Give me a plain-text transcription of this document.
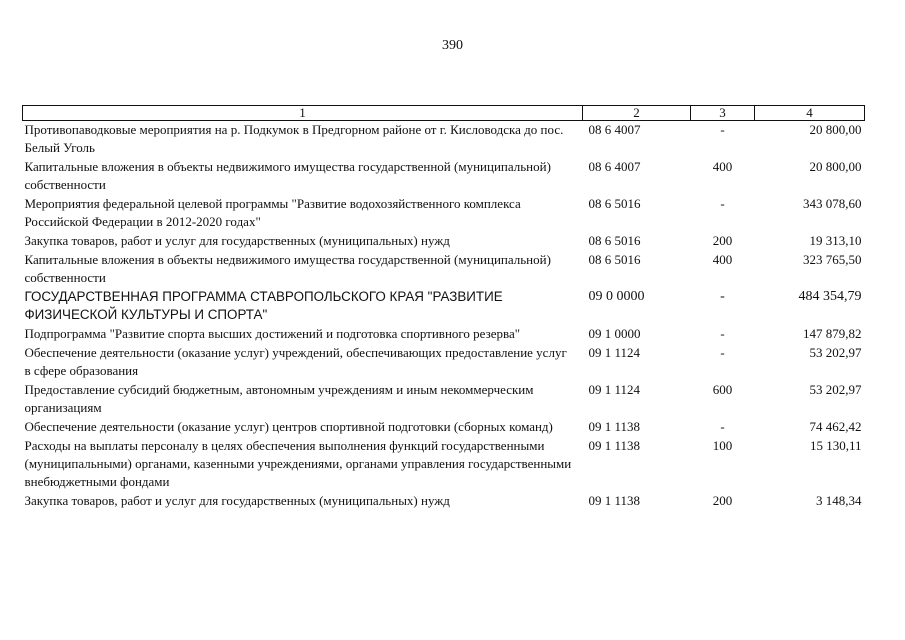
390
1	2	3	4
Противопаводковые мероприятия на р. Подкумок в Предгорном районе от г. Кисловодска до пос. Белый Уголь	08 6 4007	-	20 800,00
Капитальные вложения в объекты недвижимого имущества государственной (муниципальной) собственности	08 6 4007	400	20 800,00
Мероприятия федеральной целевой программы "Развитие водохозяйственного комплекса Российской Федерации в 2012-2020 годах"	08 6 5016	-	343 078,60
Закупка товаров, работ и услуг для государственных (муниципальных) нужд	08 6 5016	200	19 313,10
Капитальные вложения в объекты недвижимого имущества государственной (муниципальной) собственности	08 6 5016	400	323 765,50
ГОСУДАРСТВЕННАЯ ПРОГРАММА СТАВРОПОЛЬСКОГО КРАЯ "РАЗВИТИЕ ФИЗИЧЕСКОЙ КУЛЬТУРЫ И СПОРТА"	09 0 0000	-	484 354,79
Подпрограмма "Развитие спорта высших достижений и подготовка спортивного резерва"	09 1 0000	-	147 879,82
Обеспечение деятельности (оказание услуг) учреждений, обеспечивающих предоставление услуг в сфере образования	09 1 1124	-	53 202,97
Предоставление субсидий бюджетным, автономным учреждениям и иным некоммерческим организациям	09 1 1124	600	53 202,97
Обеспечение деятельности (оказание услуг) центров спортивной подготовки (сборных команд)	09 1 1138	-	74 462,42
Расходы на выплаты персоналу в целях обеспечения выполнения функций государственными (муниципальными) органами, казенными учреждениями, органами управления государственными внебюджетными фондами	09 1 1138	100	15 130,11
Закупка товаров, работ и услуг для государственных (муниципальных) нужд	09 1 1138	200	3 148,34
